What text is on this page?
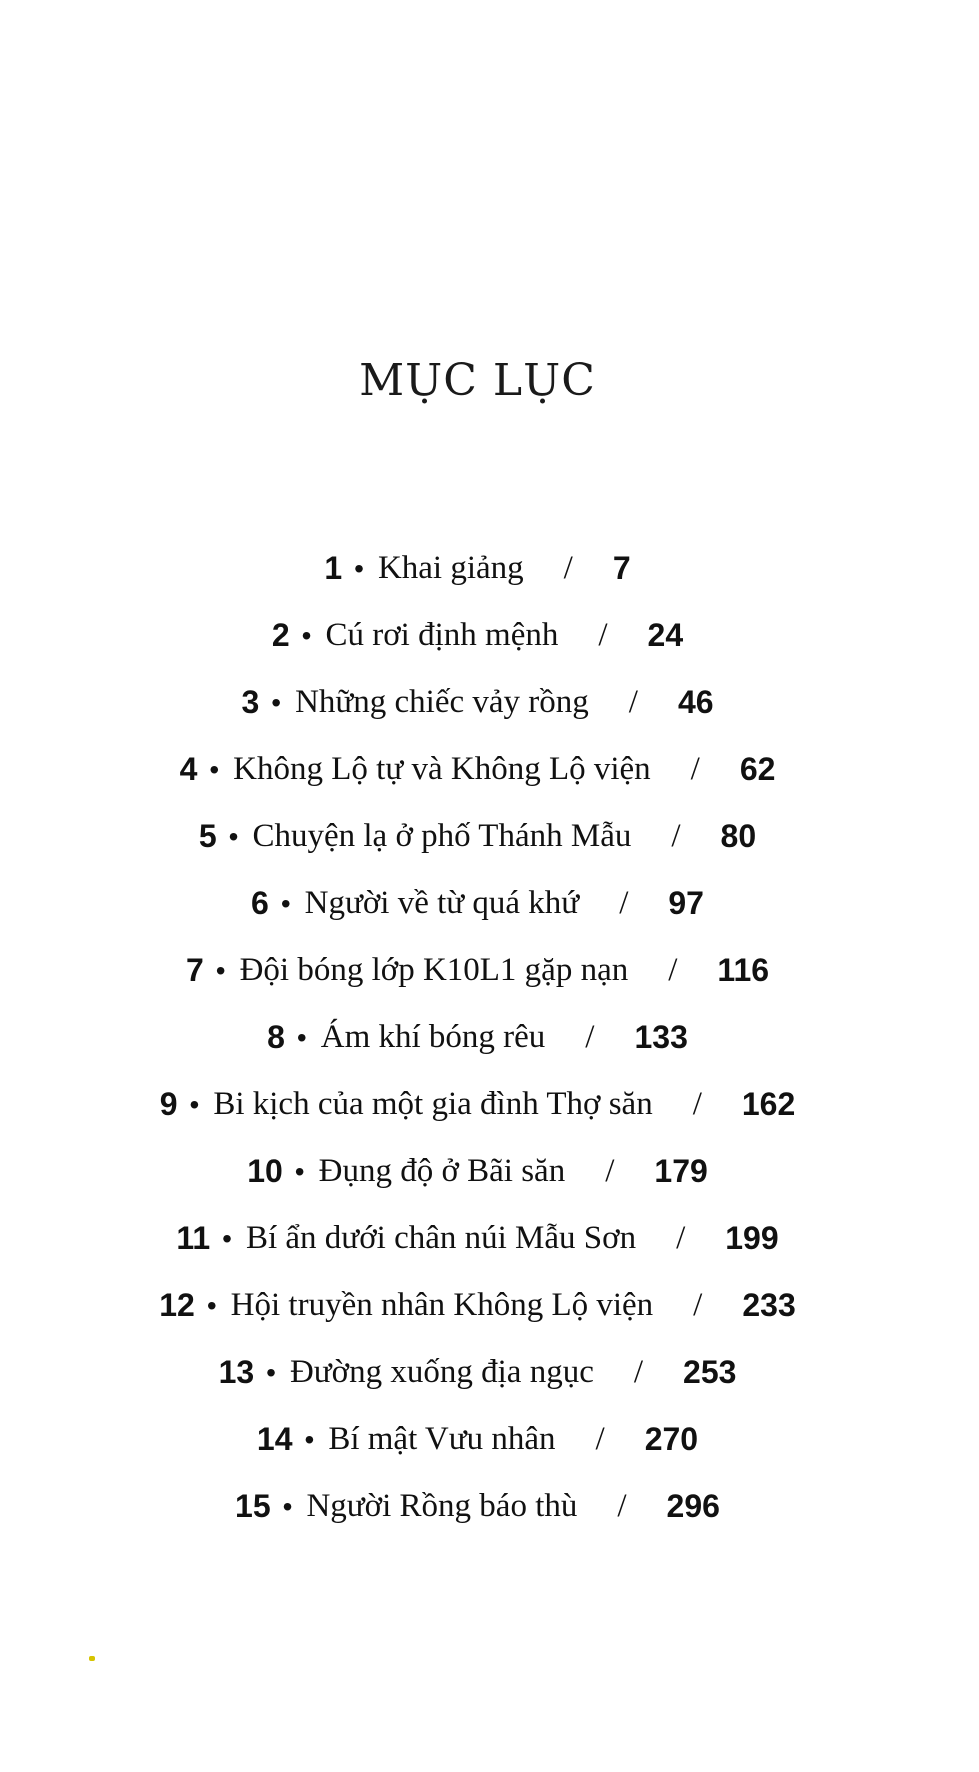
MỤC LỤC
1 • Khai giảng / 7
2 • Cú rơi định mệnh / 24
3 • Những chiếc vảy rồng / 46
4 • Không Lộ tự và Không Lộ viện / 62
5 • Chuyện lạ ở phố Thánh Mẫu / 80
6 • Người về từ quá khứ / 97
7 • Đội bóng lớp K10L1 gặp nạn / 116
8 • Ám khí bóng rêu / 133
9 • Bi kịch của một gia đình Thợ săn / 162
10 • Đụng độ ở Bãi săn / 179
11 • Bí ẩn dưới chân núi Mẫu Sơn / 199
12 • Hội truyền nhân Không Lộ viện / 233
13 • Đường xuống địa ngục / 253
14 • Bí mật Vưu nhân / 270
15 • Người Rồng báo thù / 296
